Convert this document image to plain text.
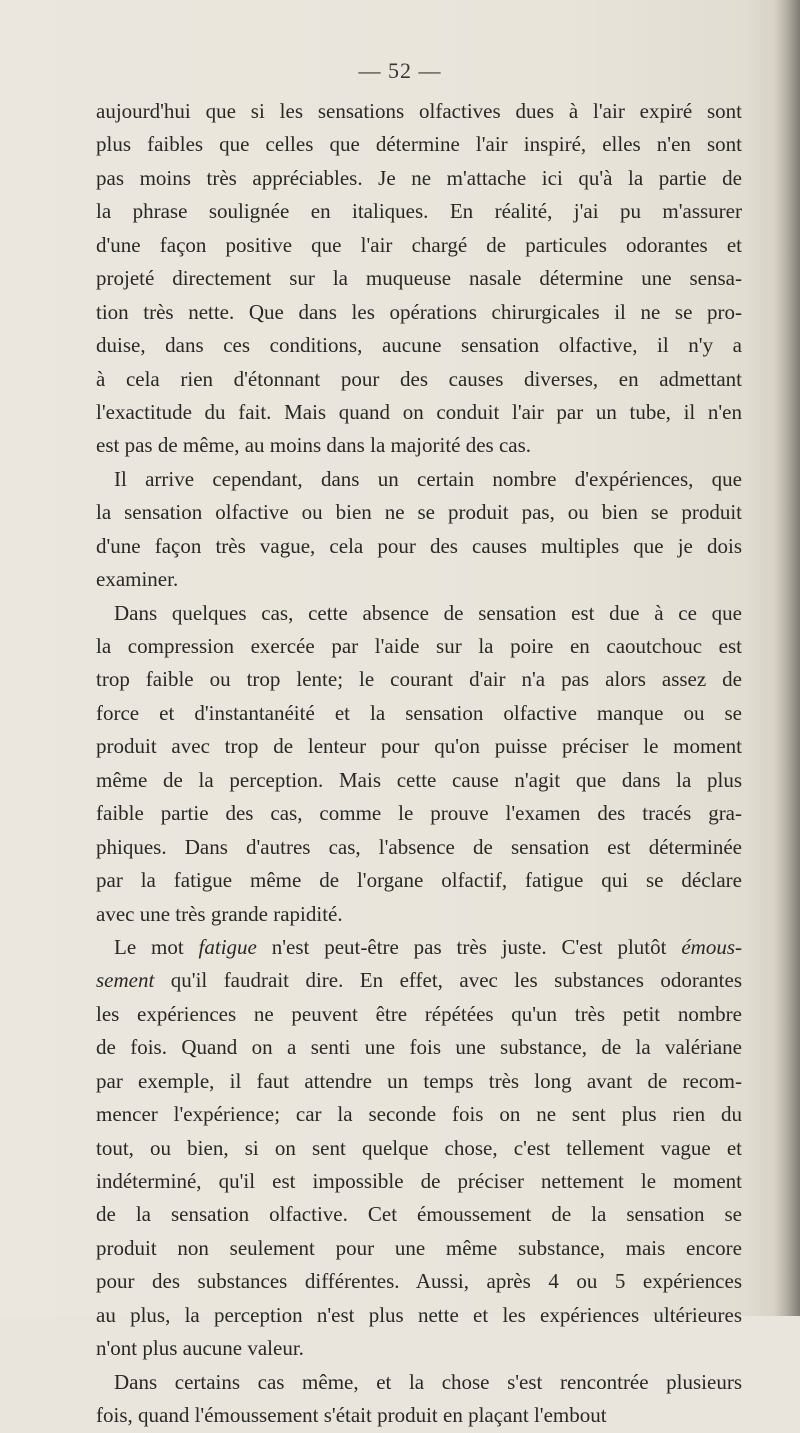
— 52 —
aujourd'hui que si les sensations olfactives dues à l'air expiré sont
plus faibles que celles que détermine l'air inspiré, elles n'en sont
pas moins très appréciables. Je ne m'attache ici qu'à la partie de
la phrase soulignée en italiques. En réalité, j'ai pu m'assurer
d'une façon positive que l'air chargé de particules odorantes et
projeté directement sur la muqueuse nasale détermine une sensa-
tion très nette. Que dans les opérations chirurgicales il ne se pro-
duise, dans ces conditions, aucune sensation olfactive, il n'y a
à cela rien d'étonnant pour des causes diverses, en admettant
l'exactitude du fait. Mais quand on conduit l'air par un tube, il n'en
est pas de même, au moins dans la majorité des cas.
Il arrive cependant, dans un certain nombre d'expériences, que
la sensation olfactive ou bien ne se produit pas, ou bien se produit
d'une façon très vague, cela pour des causes multiples que je dois
examiner.
Dans quelques cas, cette absence de sensation est due à ce que
la compression exercée par l'aide sur la poire en caoutchouc est
trop faible ou trop lente; le courant d'air n'a pas alors assez de
force et d'instantanéité et la sensation olfactive manque ou se
produit avec trop de lenteur pour qu'on puisse préciser le moment
même de la perception. Mais cette cause n'agit que dans la plus
faible partie des cas, comme le prouve l'examen des tracés gra-
phiques. Dans d'autres cas, l'absence de sensation est déterminée
par la fatigue même de l'organe olfactif, fatigue qui se déclare
avec une très grande rapidité.
Le mot fatigue n'est peut-être pas très juste. C'est plutôt émous-
sement qu'il faudrait dire. En effet, avec les substances odorantes
les expériences ne peuvent être répétées qu'un très petit nombre
de fois. Quand on a senti une fois une substance, de la valériane
par exemple, il faut attendre un temps très long avant de recom-
mencer l'expérience; car la seconde fois on ne sent plus rien du
tout, ou bien, si on sent quelque chose, c'est tellement vague et
indéterminé, qu'il est impossible de préciser nettement le moment
de la sensation olfactive. Cet émoussement de la sensation se
produit non seulement pour une même substance, mais encore
pour des substances différentes. Aussi, après 4 ou 5 expériences
au plus, la perception n'est plus nette et les expériences ultérieures
n'ont plus aucune valeur.
Dans certains cas même, et la chose s'est rencontrée plusieurs
fois, quand l'émoussement s'était produit en plaçant l'embout
